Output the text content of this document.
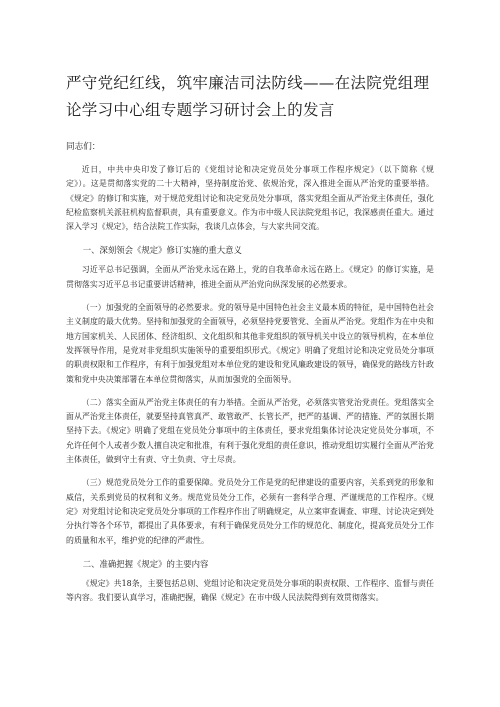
严守党纪红线，筑牢廉洁司法防线——在法院党组理论学习中心组专题学习研讨会上的发言
同志们：

近日，中共中央印发了修订后的《党组讨论和决定党员处分事项工作程序规定》（以下简称《规定》）。这是贯彻落实党的二十大精神，坚持制度治党、依规治党，深入推进全面从严治党的重要举措。《规定》的修订和实施，对于规范党组讨论和决定党员处分事项，落实党组全面从严治党主体责任，强化纪检监察机关派驻机构监督职责，具有重要意义。作为市中级人民法院党组书记，我深感责任重大。通过深入学习《规定》，结合法院工作实际，我谈几点体会，与大家共同交流。

一、深刻领会《规定》修订实施的重大意义

习近平总书记强调，全面从严治党永远在路上，党的自我革命永远在路上。《规定》的修订实施，是贯彻落实习近平总书记重要讲话精神，推进全面从严治党向纵深发展的必然要求。

（一）加强党的全面领导的必然要求。党的领导是中国特色社会主义最本质的特征，是中国特色社会主义制度的最大优势。坚持和加强党的全面领导，必须坚持党要管党、全面从严治党。党组作为在中央和地方国家机关、人民团体、经济组织、文化组织和其他非党组织的领导机关中设立的领导机构，在本单位发挥领导作用，是党对非党组织实施领导的重要组织形式。《规定》明确了党组讨论和决定党员处分事项的职责权限和工作程序，有利于加强党组对本单位党的建设和党风廉政建设的领导，确保党的路线方针政策和党中央决策部署在本单位贯彻落实，从而加强党的全面领导。

（二）落实全面从严治党主体责任的有力举措。全面从严治党，必须落实管党治党责任。党组落实全面从严治党主体责任，就要坚持真管真严、敢管敢严、长管长严，把严的基调、严的措施、严的氛围长期坚持下去。《规定》明确了党组在党员处分事项中的主体责任，要求党组集体讨论决定党员处分事项，不允许任何个人或者少数人擅自决定和批准，有利于强化党组的责任意识，推动党组切实履行全面从严治党主体责任，做到守土有责、守土负责、守土尽责。

（三）规范党员处分工作的重要保障。党员处分工作是党的纪律建设的重要内容，关系到党的形象和威信，关系到党员的权利和义务。规范党员处分工作，必须有一套科学合理、严谨规范的工作程序。《规定》对党组讨论和决定党员处分事项的工作程序作出了明确规定，从立案审查调查、审理、讨论决定到处分执行等各个环节，都提出了具体要求，有利于确保党员处分工作的规范化、制度化，提高党员处分工作的质量和水平，维护党的纪律的严肃性。

二、准确把握《规定》的主要内容

《规定》共18条，主要包括总则、党组讨论和决定党员处分事项的职责权限、工作程序、监督与责任等内容。我们要认真学习，准确把握，确保《规定》在市中级人民法院得到有效贯彻落实。
